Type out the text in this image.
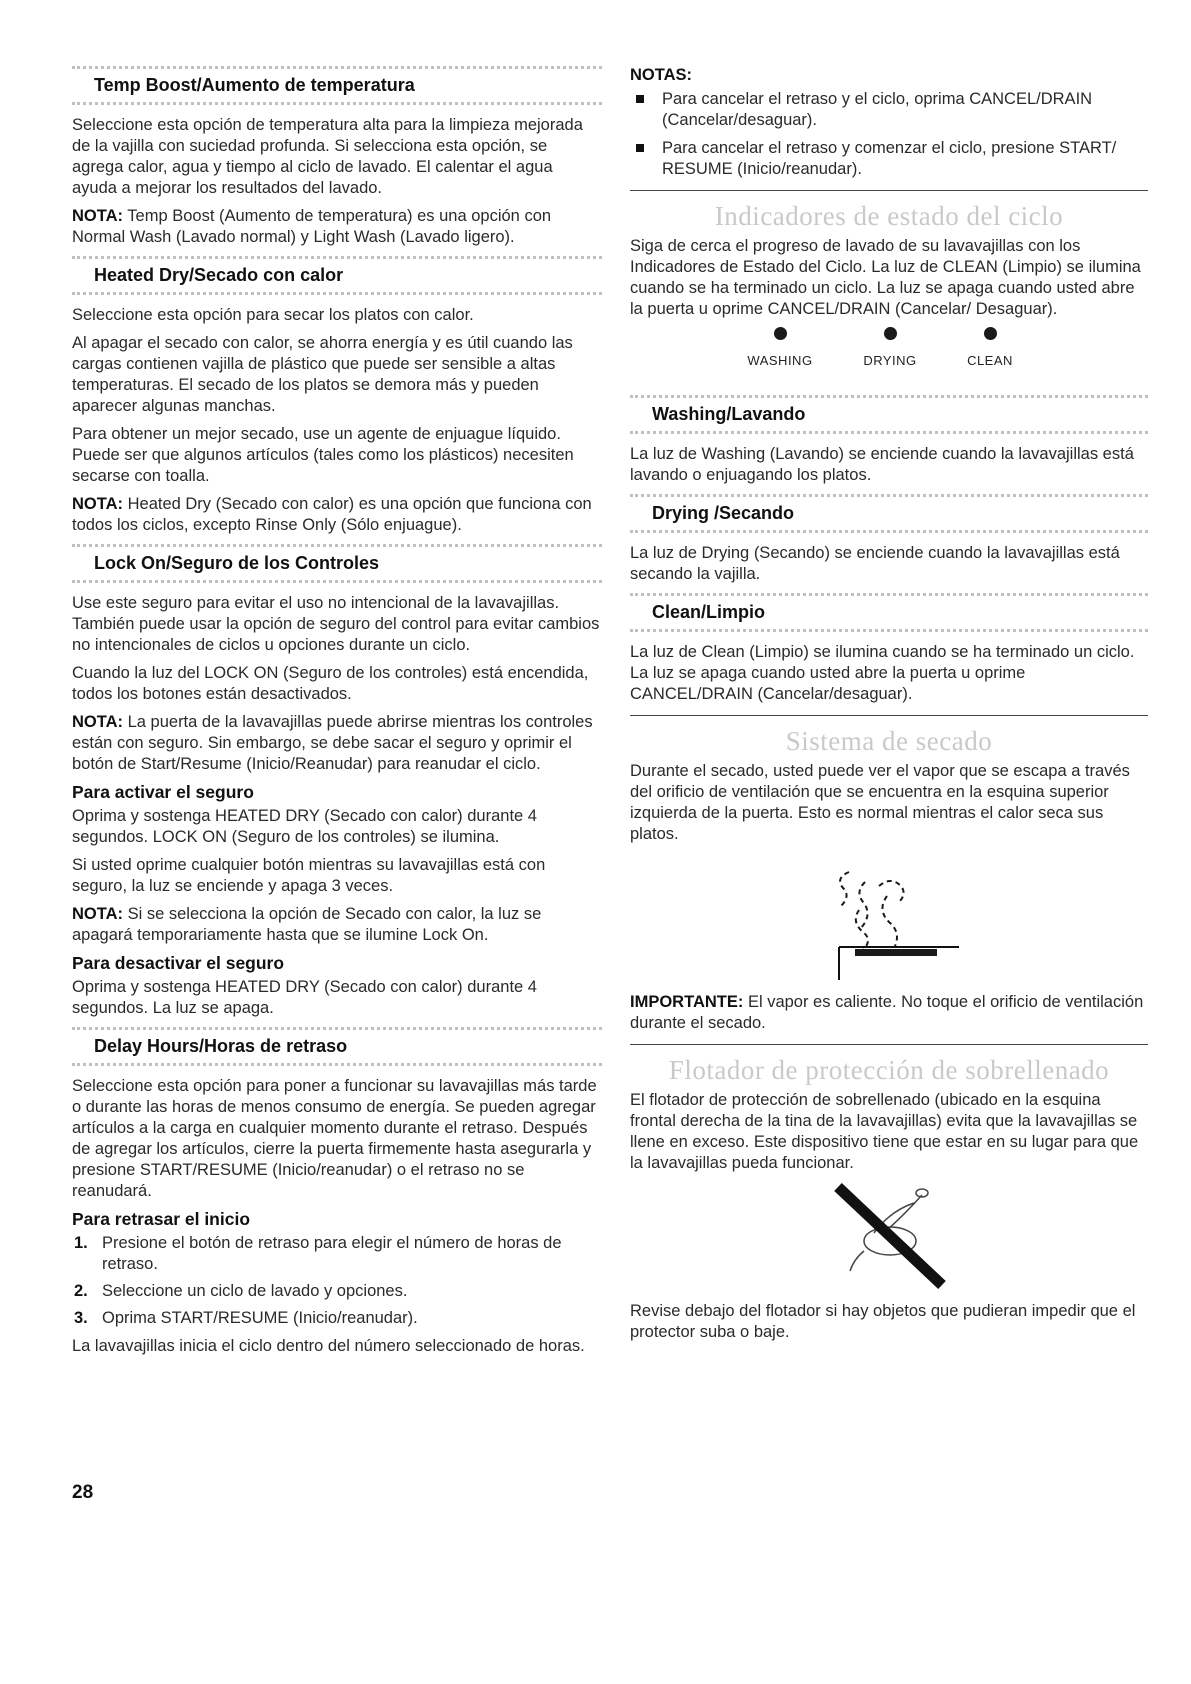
Temp Boost/Aumento de temperatura

Seleccione esta opción de temperatura alta para la limpieza mejorada de la vajilla con suciedad profunda. Si selecciona esta opción, se agrega calor, agua y tiempo al ciclo de lavado. El calentar el agua ayuda a mejorar los resultados del lavado.

NOTA: Temp Boost (Aumento de temperatura) es una opción con Normal Wash (Lavado normal) y Light Wash (Lavado ligero).

Heated Dry/Secado con calor

Seleccione esta opción para secar los platos con calor.

Al apagar el secado con calor, se ahorra energía y es útil cuando las cargas contienen vajilla de plástico que puede ser sensible a altas temperaturas. El secado de los platos se demora más y pueden aparecer algunas manchas.

Para obtener un mejor secado, use un agente de enjuague líquido. Puede ser que algunos artículos (tales como los plásticos) necesiten secarse con toalla.

NOTA: Heated Dry (Secado con calor) es una opción que funciona con todos los ciclos, excepto Rinse Only (Sólo enjuague).

Lock On/Seguro de los Controles

Use este seguro para evitar el uso no intencional de la lavavajillas. También puede usar la opción de seguro del control para evitar cambios no intencionales de ciclos u opciones durante un ciclo.

Cuando la luz del LOCK ON (Seguro de los controles) está encendida, todos los botones están desactivados.

NOTA: La puerta de la lavavajillas puede abrirse mientras los controles están con seguro. Sin embargo, se debe sacar el seguro y oprimir el botón de Start/Resume (Inicio/Reanudar) para reanudar el ciclo.

Para activar el seguro

Oprima y sostenga HEATED DRY (Secado con calor) durante 4 segundos. LOCK ON (Seguro de los controles) se ilumina.

Si usted oprime cualquier botón mientras su lavavajillas está con seguro, la luz se enciende y apaga 3 veces.

NOTA: Si se selecciona la opción de Secado con calor, la luz se apagará temporariamente hasta que se ilumine Lock On.

Para desactivar el seguro

Oprima y sostenga HEATED DRY (Secado con calor) durante 4 segundos. La luz se apaga.

Delay Hours/Horas de retraso

Seleccione esta opción para poner a funcionar su lavavajillas más tarde o durante las horas de menos consumo de energía. Se pueden agregar artículos a la carga en cualquier momento durante el retraso. Después de agregar los artículos, cierre la puerta firmemente hasta asegurarla y presione START/RESUME (Inicio/reanudar) o el retraso no se reanudará.

Para retrasar el inicio
1. Presione el botón de retraso para elegir el número de horas de retraso.
2. Seleccione un ciclo de lavado y opciones.
3. Oprima START/RESUME (Inicio/reanudar).

La lavavajillas inicia el ciclo dentro del número seleccionado de horas.

NOTAS:
Para cancelar el retraso y el ciclo, oprima CANCEL/DRAIN (Cancelar/desaguar).
Para cancelar el retraso y comenzar el ciclo, presione START/ RESUME (Inicio/reanudar).
Indicadores de estado del ciclo

Siga de cerca el progreso de lavado de su lavavajillas con los Indicadores de Estado del Ciclo. La luz de CLEAN (Limpio) se ilumina cuando se ha terminado un ciclo. La luz se apaga cuando usted abre la puerta u oprime CANCEL/DRAIN (Cancelar/ Desaguar).

WASHING	DRYING	CLEAN
Washing/Lavando

La luz de Washing (Lavando) se enciende cuando la lavavajillas está lavando o enjuagando los platos.

Drying /Secando

La luz de Drying (Secando) se enciende cuando la lavavajillas está secando la vajilla.

Clean/Limpio

La luz de Clean (Limpio) se ilumina cuando se ha terminado un ciclo. La luz se apaga cuando usted abre la puerta u oprime CANCEL/DRAIN (Cancelar/desaguar).

Sistema de secado

Durante el secado, usted puede ver el vapor que se escapa a través del orificio de ventilación que se encuentra en la esquina superior izquierda de la puerta. Esto es normal mientras el calor seca sus platos.

IMPORTANTE: El vapor es caliente. No toque el orificio de ventilación durante el secado.

Flotador de protección de sobrellenado

El flotador de protección de sobrellenado (ubicado en la esquina frontal derecha de la tina de la lavavajillas) evita que la lavavajillas se llene en exceso. Este dispositivo tiene que estar en su lugar para que la lavavajillas pueda funcionar.

Revise debajo del flotador si hay objetos que pudieran impedir que el protector suba o baje.

28
